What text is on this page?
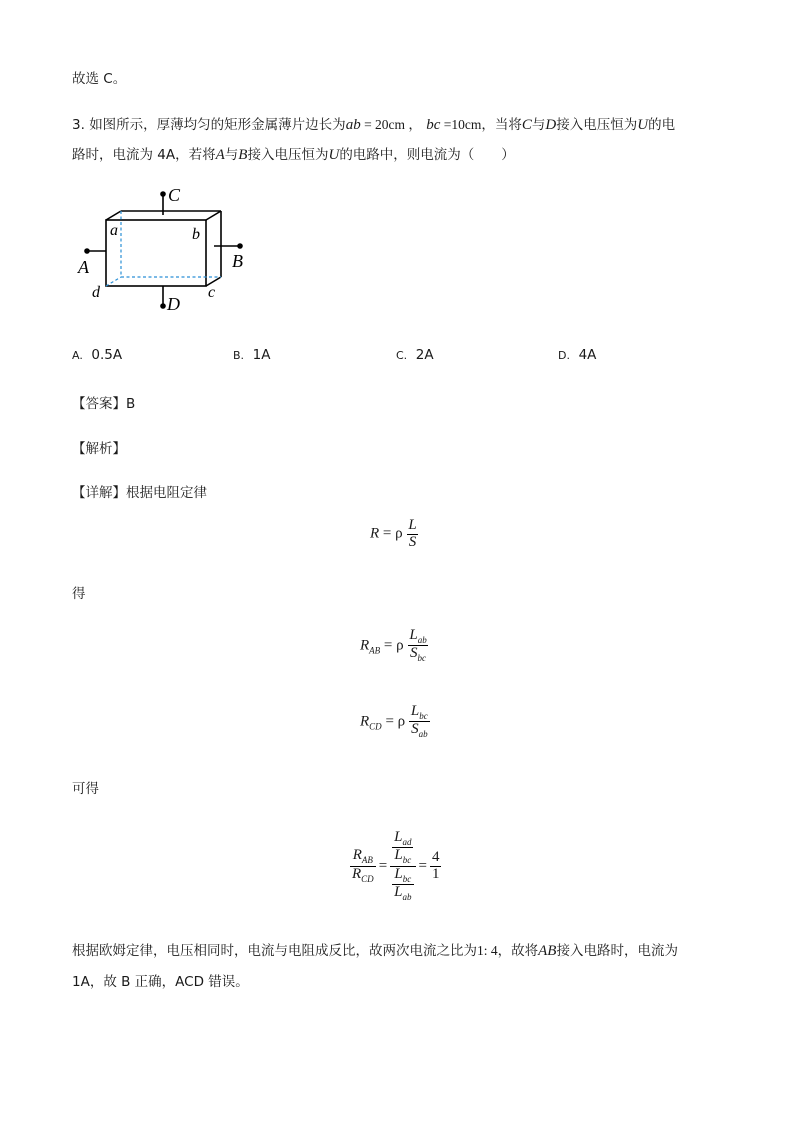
故选 C。
3. 如图所示，厚薄均匀的矩形金属薄片边长为ab = 20cm ， bc =10cm，当将C与D接入电压恒为U的电
路时，电流为 4A，若将A与B接入电压恒为U的电路中，则电流为（　　）
C
D
A	B
a	b
c
d
A. 0.5A	B. 1A	C. 2A	D. 4A
【答案】B
【解析】
【详解】根据电阻定律
R = ρ $\frac{L}{S}$
得
$R_{AB} = \rho \frac{L_{ab}}{S_{bc}}$
$R_{CD} = \rho \frac{L_{bc}}{S_{ab}}$
可得
$\frac{R_{AB}}{R_{CD}} = \frac{\frac{L_{ad}}{L_{bc}}}{\frac{L_{bc}}{L_{ab}}} = \frac{4}{1}$
根据欧姆定律，电压相同时，电流与电阻成反比，故两次电流之比为1: 4，故将AB接入电路时，电流为
1A，故 B 正确，ACD 错误。
